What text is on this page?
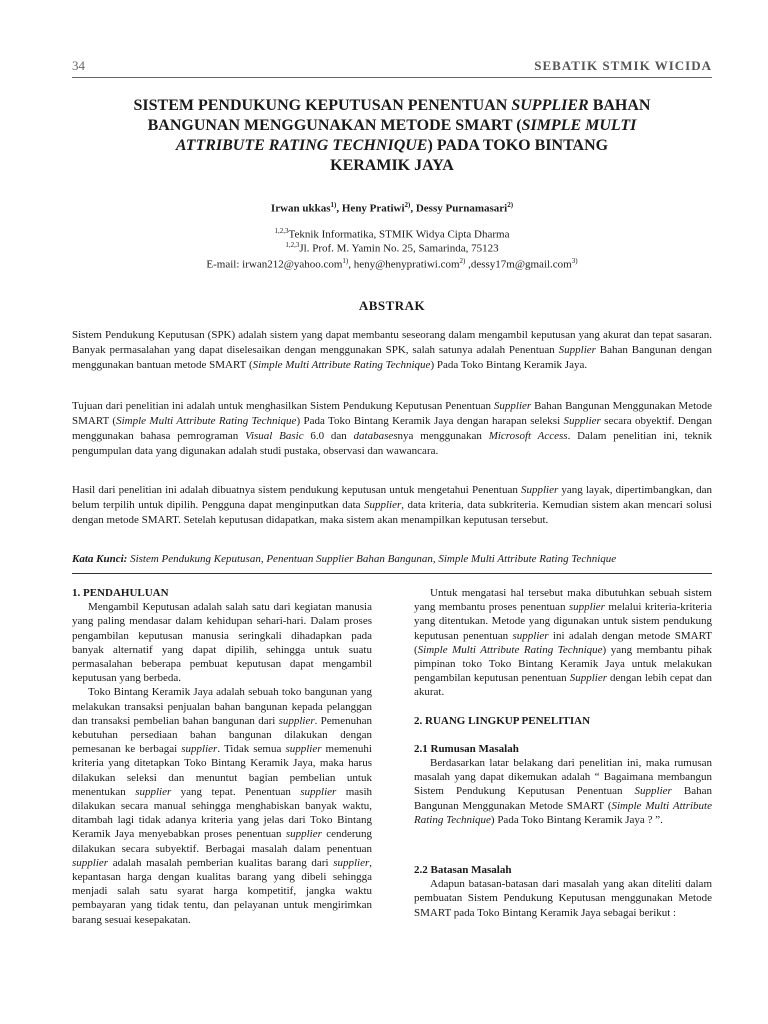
34	SEBATIK STMIK WICIDA
SISTEM PENDUKUNG KEPUTUSAN PENENTUAN SUPPLIER BAHAN
BANGUNAN MENGGUNAKAN METODE SMART (SIMPLE MULTI
ATTRIBUTE RATING TECHNIQUE) PADA TOKO BINTANG
KERAMIK JAYA
Irwan ukkas$^{1)}$, Heny Pratiwi$^{2)}$, Dessy Purnamasari$^{2)}$
$^{1,2,3}$Teknik Informatika, STMIK Widya Cipta Dharma
$^{1,2,3}$Jl. Prof. M. Yamin No. 25, Samarinda, 75123
E-mail: irwan212@yahoo.com$^{1)}$, heny@henypratiwi.com$^{2)}$ ,dessy17m@gmail.com$^{3)}$
ABSTRAK
Sistem Pendukung Keputusan (SPK) adalah sistem yang dapat membantu seseorang dalam mengambil keputusan yang akurat dan tepat sasaran. Banyak permasalahan yang dapat diselesaikan dengan menggunakan SPK, salah satunya adalah Penentuan Supplier Bahan Bangunan dengan menggunakan bantuan metode SMART (Simple Multi Attribute Rating Technique) Pada Toko Bintang Keramik Jaya.
Tujuan dari penelitian ini adalah untuk menghasilkan Sistem Pendukung Keputusan Penentuan Supplier Bahan Bangunan Menggunakan Metode SMART (Simple Multi Attribute Rating Technique) Pada Toko Bintang Keramik Jaya dengan harapan seleksi Supplier secara obyektif. Dengan menggunakan bahasa pemrograman Visual Basic 6.0 dan databasesnya menggunakan Microsoft Access. Dalam penelitian ini, teknik pengumpulan data yang digunakan adalah studi pustaka, observasi dan wawancara.
Hasil dari penelitian ini adalah dibuatnya sistem pendukung keputusan untuk mengetahui Penentuan Supplier yang layak, dipertimbangkan, dan belum terpilih untuk dipilih. Pengguna dapat menginputkan data Supplier, data kriteria, data subkriteria. Kemudian sistem akan mencari solusi dengan metode SMART. Setelah keputusan didapatkan, maka sistem akan menampilkan keputusan tersebut.
Kata Kunci: Sistem Pendukung Keputusan, Penentuan Supplier Bahan Bangunan, Simple Multi Attribute Rating Technique

1. PENDAHULUAN

Mengambil Keputusan adalah salah satu dari kegiatan manusia yang paling mendasar dalam kehidupan sehari-hari. Dalam proses pengambilan keputusan manusia seringkali dihadapkan pada banyak alternatif yang dapat dipilih, sehingga untuk suatu permasalahan beberapa pembuat keputusan dapat mengambil keputusan yang berbeda.

Toko Bintang Keramik Jaya adalah sebuah toko bangunan yang melakukan transaksi penjualan bahan bangunan kepada pelanggan dan transaksi pembelian bahan bangunan dari supplier. Pemenuhan kebutuhan persediaan bahan bangunan dilakukan dengan pemesanan ke berbagai supplier. Tidak semua supplier memenuhi kriteria yang ditetapkan Toko Bintang Keramik Jaya, maka harus dilakukan seleksi dan menuntut bagian pembelian untuk menentukan supplier yang tepat. Penentuan supplier masih dilakukan secara manual sehingga menghabiskan banyak waktu, ditambah lagi tidak adanya kriteria yang jelas dari Toko Bintang Keramik Jaya menyebabkan proses penentuan supplier cenderung dilakukan secara subyektif. Berbagai masalah dalam penentuan supplier adalah masalah pemberian kualitas barang dari supplier, kepantasan harga dengan kualitas barang yang dibeli sehingga menjadi salah satu syarat harga kompetitif, jangka waktu pembayaran yang tidak tentu, dan pelayanan untuk mengirimkan barang sesuai kesepakatan.

Untuk mengatasi hal tersebut maka dibutuhkan sebuah sistem yang membantu proses penentuan supplier melalui kriteria-kriteria yang ditentukan. Metode yang digunakan untuk sistem pendukung keputusan penentuan supplier ini adalah dengan metode SMART (Simple Multi Attribute Rating Technique) yang membantu pihak pimpinan toko Toko Bintang Keramik Jaya untuk melakukan pengambilan keputusan penentuan Supplier dengan lebih cepat dan akurat.

2. RUANG LINGKUP PENELITIAN

2.1 Rumusan Masalah

Berdasarkan latar belakang dari penelitian ini, maka rumusan masalah yang dapat dikemukan adalah “ Bagaimana membangun Sistem Pendukung Keputusan Penentuan Supplier Bahan Bangunan Menggunakan Metode SMART (Simple Multi Attribute Rating Technique) Pada Toko Bintang Keramik Jaya ? ”.

2.2 Batasan Masalah

Adapun batasan-batasan dari masalah yang akan diteliti dalam pembuatan Sistem Pendukung Keputusan menggunakan Metode SMART pada Toko Bintang Keramik Jaya sebagai berikut :
